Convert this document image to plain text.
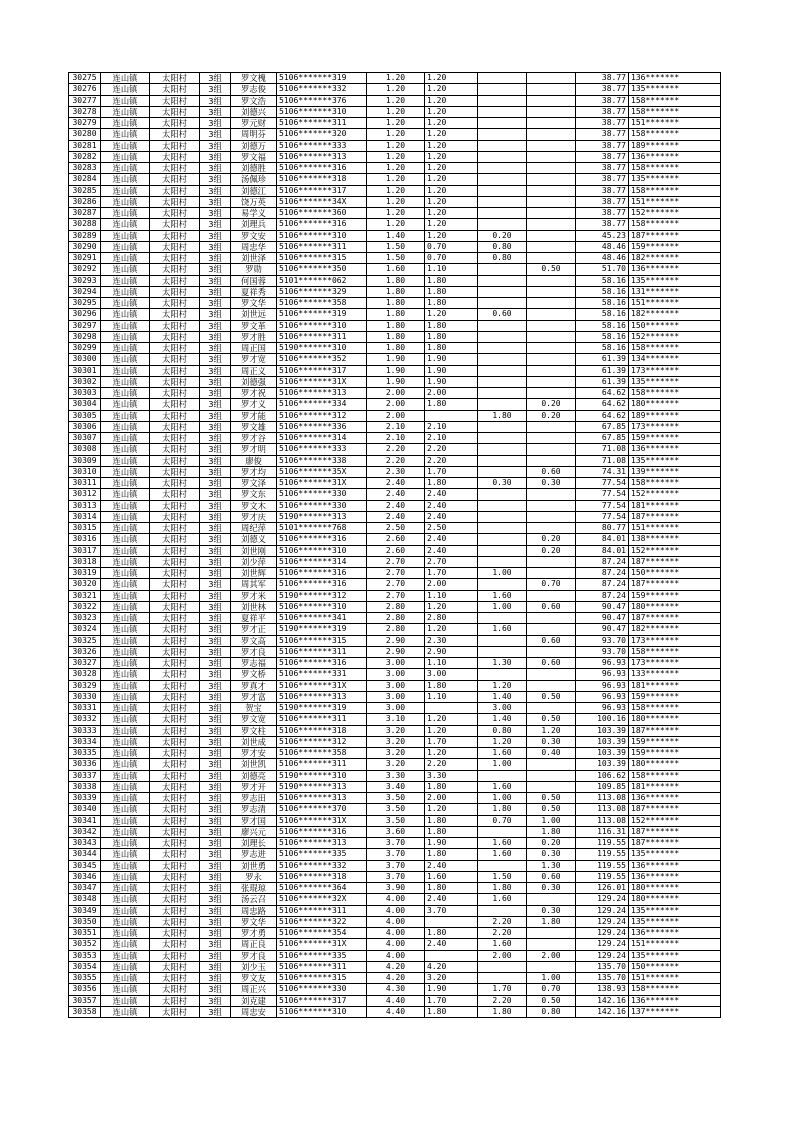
30275	连山镇	太阳村	3组	罗文槐	5106*******319	1.20	1.20			38.77	136*******
30276	连山镇	太阳村	3组	罗志俊	5106*******332	1.20	1.20			38.77	135*******
30277	连山镇	太阳村	3组	罗文浩	5106*******376	1.20	1.20			38.77	158*******
30278	连山镇	太阳村	3组	刘德兴	5106*******310	1.20	1.20			38.77	158*******
30279	连山镇	太阳村	3组	罗元财	5106*******311	1.20	1.20			38.77	151*******
30280	连山镇	太阳村	3组	周明芬	5106*******320	1.20	1.20			38.77	158*******
30281	连山镇	太阳村	3组	刘德万	5106*******333	1.20	1.20			38.77	189*******
30282	连山镇	太阳村	3组	罗文福	5106*******313	1.20	1.20			38.77	136*******
30283	连山镇	太阳村	3组	刘德胜	5106*******316	1.20	1.20			38.77	158*******
30284	连山镇	太阳村	3组	汤佩珍	5106*******318	1.20	1.20			38.77	135*******
30285	连山镇	太阳村	3组	刘德江	5106*******317	1.20	1.20			38.77	158*******
30286	连山镇	太阳村	3组	饶万英	5106*******34X	1.20	1.20			38.77	151*******
30287	连山镇	太阳村	3组	易学义	5106*******360	1.20	1.20			38.77	152*******
30288	连山镇	太阳村	3组	刘理兵	5106*******316	1.20	1.20			38.77	158*******
30289	连山镇	太阳村	3组	罗文安	5106*******310	1.40	1.20	0.20		45.23	187*******
30290	连山镇	太阳村	3组	周忠华	5106*******311	1.50	0.70	0.80		48.46	159*******
30291	连山镇	太阳村	3组	刘世泽	5106*******315	1.50	0.70	0.80		48.46	182*******
30292	连山镇	太阳村	3组	罗勋	5106*******350	1.60	1.10		0.50	51.70	136*******
30293	连山镇	太阳村	3组	何国蓉	5101*******062	1.80	1.80			58.16	135*******
30294	连山镇	太阳村	3组	夏祥秀	5106*******329	1.80	1.80			58.16	131*******
30295	连山镇	太阳村	3组	罗文华	5106*******358	1.80	1.80			58.16	151*******
30296	连山镇	太阳村	3组	刘世远	5106*******319	1.80	1.20	0.60		58.16	182*******
30297	连山镇	太阳村	3组	罗文革	5106*******310	1.80	1.80			58.16	150*******
30298	连山镇	太阳村	3组	罗才胜	5106*******311	1.80	1.80			58.16	152*******
30299	连山镇	太阳村	3组	周正国	5190*******310	1.80	1.80			58.16	158*******
30300	连山镇	太阳村	3组	罗才宽	5106*******352	1.90	1.90			61.39	134*******
30301	连山镇	太阳村	3组	周正义	5106*******317	1.90	1.90			61.39	173*******
30302	连山镇	太阳村	3组	刘德强	5106*******31X	1.90	1.90			61.39	135*******
30303	连山镇	太阳村	3组	罗才祝	5106*******313	2.00	2.00			64.62	158*******
30304	连山镇	太阳村	3组	罗才义	5106*******334	2.00	1.80		0.20	64.62	180*******
30305	连山镇	太阳村	3组	罗才能	5106*******312	2.00		1.80	0.20	64.62	189*******
30306	连山镇	太阳村	3组	罗文雄	5106*******336	2.10	2.10			67.85	173*******
30307	连山镇	太阳村	3组	罗才谷	5106*******314	2.10	2.10			67.85	159*******
30308	连山镇	太阳村	3组	罗才明	5106*******333	2.20	2.20			71.08	136*******
30309	连山镇	太阳村	3组	廖俊	5106*******338	2.20	2.20			71.08	135*******
30310	连山镇	太阳村	3组	罗才均	5106*******35X	2.30	1.70		0.60	74.31	139*******
30311	连山镇	太阳村	3组	罗文泽	5106*******31X	2.40	1.80	0.30	0.30	77.54	158*******
30312	连山镇	太阳村	3组	罗文东	5106*******330	2.40	2.40			77.54	152*******
30313	连山镇	太阳村	3组	罗文木	5106*******330	2.40	2.40			77.54	181*******
30314	连山镇	太阳村	3组	罗才庆	5190*******313	2.40	2.40			77.54	187*******
30315	连山镇	太阳村	3组	周纪萍	5101*******768	2.50	2.50			80.77	151*******
30316	连山镇	太阳村	3组	刘德义	5106*******316	2.60	2.40		0.20	84.01	138*******
30317	连山镇	太阳村	3组	刘世刚	5106*******310	2.60	2.40		0.20	84.01	152*******
30318	连山镇	太阳村	3组	刘少萍	5106*******314	2.70	2.70			87.24	187*******
30319	连山镇	太阳村	3组	刘世辉	5106*******316	2.70	1.70	1.00		87.24	150*******
30320	连山镇	太阳村	3组	周其军	5106*******316	2.70	2.00		0.70	87.24	187*******
30321	连山镇	太阳村	3组	罗才米	5190*******312	2.70	1.10	1.60		87.24	159*******
30322	连山镇	太阳村	3组	刘世林	5106*******310	2.80	1.20	1.00	0.60	90.47	180*******
30323	连山镇	太阳村	3组	夏祥平	5106*******341	2.80	2.80			90.47	187*******
30324	连山镇	太阳村	3组	罗才正	5190*******319	2.80	1.20	1.60		90.47	182*******
30325	连山镇	太阳村	3组	罗文高	5106*******315	2.90	2.30		0.60	93.70	173*******
30326	连山镇	太阳村	3组	罗才良	5106*******311	2.90	2.90			93.70	158*******
30327	连山镇	太阳村	3组	罗志福	5106*******316	3.00	1.10	1.30	0.60	96.93	173*******
30328	连山镇	太阳村	3组	罗文桥	5106*******331	3.00	3.00			96.93	133*******
30329	连山镇	太阳村	3组	罗真才	5106*******31X	3.00	1.80	1.20		96.93	181*******
30330	连山镇	太阳村	3组	罗才富	5106*******313	3.00	1.10	1.40	0.50	96.93	159*******
30331	连山镇	太阳村	3组	贺宝	5190*******319	3.00		3.00		96.93	158*******
30332	连山镇	太阳村	3组	罗文宽	5106*******311	3.10	1.20	1.40	0.50	100.16	180*******
30333	连山镇	太阳村	3组	罗文柱	5106*******318	3.20	1.20	0.80	1.20	103.39	187*******
30334	连山镇	太阳村	3组	刘世成	5106*******312	3.20	1.70	1.20	0.30	103.39	159*******
30335	连山镇	太阳村	3组	罗才安	5106*******358	3.20	1.20	1.60	0.40	103.39	159*******
30336	连山镇	太阳村	3组	刘世凯	5106*******311	3.20	2.20	1.00		103.39	180*******
30337	连山镇	太阳村	3组	刘德亮	5190*******310	3.30	3.30			106.62	158*******
30338	连山镇	太阳村	3组	罗才开	5190*******313	3.40	1.80	1.60		109.85	181*******
30339	连山镇	太阳村	3组	罗志田	5106*******313	3.50	2.00	1.00	0.50	113.08	136*******
30340	连山镇	太阳村	3组	罗志清	5106*******370	3.50	1.20	1.80	0.50	113.08	187*******
30341	连山镇	太阳村	3组	罗才国	5106*******31X	3.50	1.80	0.70	1.00	113.08	152*******
30342	连山镇	太阳村	3组	廖兴元	5106*******316	3.60	1.80		1.80	116.31	187*******
30343	连山镇	太阳村	3组	刘理长	5106*******313	3.70	1.90	1.60	0.20	119.55	187*******
30344	连山镇	太阳村	3组	罗志进	5106*******335	3.70	1.80	1.60	0.30	119.55	135*******
30345	连山镇	太阳村	3组	刘世勇	5106*******332	3.70	2.40		1.30	119.55	136*******
30346	连山镇	太阳村	3组	罗永	5106*******318	3.70	1.60	1.50	0.60	119.55	136*******
30347	连山镇	太阳村	3组	张琨琼	5106*******364	3.90	1.80	1.80	0.30	126.01	180*******
30348	连山镇	太阳村	3组	汤云召	5106*******32X	4.00	2.40	1.60		129.24	180*******
30349	连山镇	太阳村	3组	周忠路	5106*******311	4.00	3.70		0.30	129.24	135*******
30350	连山镇	太阳村	3组	罗文华	5106*******322	4.00		2.20	1.80	129.24	135*******
30351	连山镇	太阳村	3组	罗才勇	5106*******354	4.00	1.80	2.20		129.24	136*******
30352	连山镇	太阳村	3组	周正良	5106*******31X	4.00	2.40	1.60		129.24	151*******
30353	连山镇	太阳村	3组	罗才良	5106*******335	4.00		2.00	2.00	129.24	135*******
30354	连山镇	太阳村	3组	刘少玉	5106*******311	4.20	4.20			135.70	150*******
30355	连山镇	太阳村	3组	罗文友	5106*******315	4.20	3.20		1.00	135.70	151*******
30356	连山镇	太阳村	3组	周正兴	5106*******330	4.30	1.90	1.70	0.70	138.93	158*******
30357	连山镇	太阳村	3组	刘克建	5106*******317	4.40	1.70	2.20	0.50	142.16	136*******
30358	连山镇	太阳村	3组	周忠安	5106*******310	4.40	1.80	1.80	0.80	142.16	137*******
